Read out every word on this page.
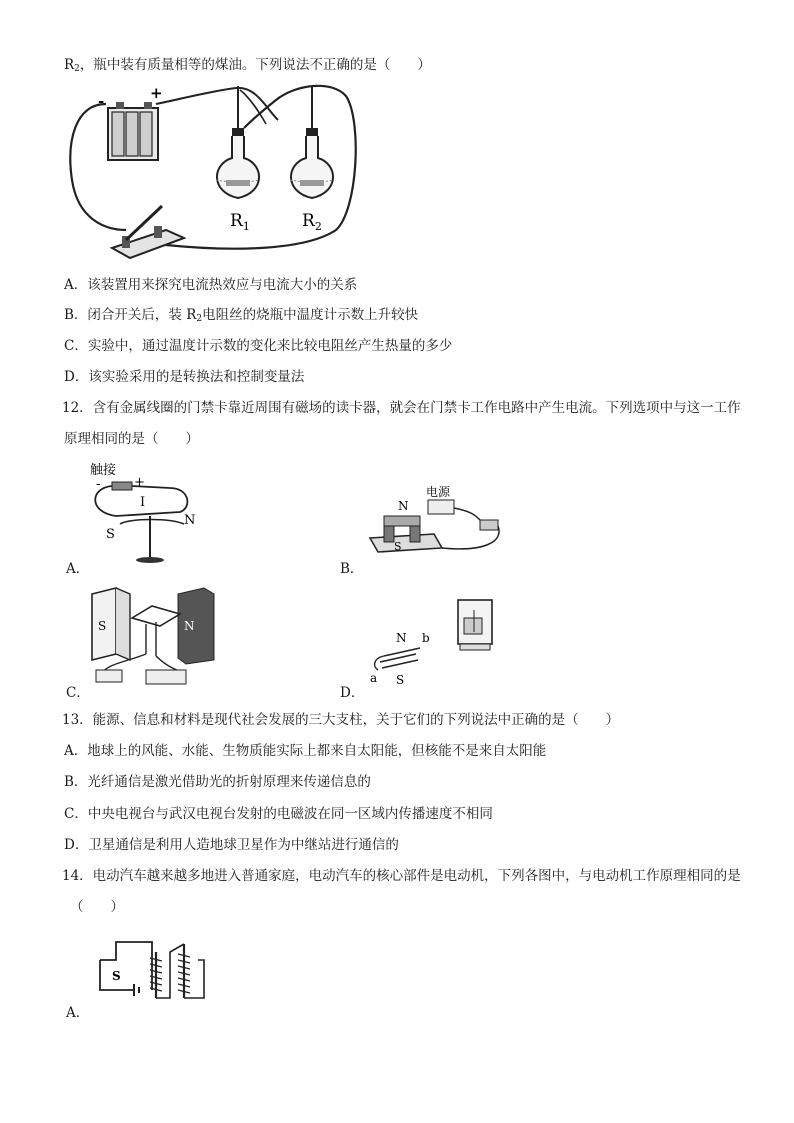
$R_2$，瓶中装有质量相等的煤油。下列说法不正确的是（　　）
-	+
$R_1$	$R_2$
A．该装置用来探究电流热效应与电流大小的关系
B．闭合开关后，装 $R_2$电阻丝的烧瓶中温度计示数上升较快
C．实验中，通过温度计示数的变化来比较电阻丝产生热量的多少
D．该实验采用的是转换法和控制变量法
12．含有金属线圈的门禁卡靠近周围有磁场的读卡器，就会在门禁卡工作电路中产生电流。下列选项中与这一工作
原理相同的是（　　）
触接
-	+
I
S
N
A．
N
电源
S
B．
S	N
C．
N b
a S
D．
13．能源、信息和材料是现代社会发展的三大支柱，关于它们的下列说法中正确的是（　　）
A．地球上的风能、水能、生物质能实际上都来自太阳能，但核能不是来自太阳能
B．光纤通信是激光借助光的折射原理来传递信息的
C．中央电视台与武汉电视台发射的电磁波在同一区域内传播速度不相同
D．卫星通信是利用人造地球卫星作为中继站进行通信的
14．电动汽车越来越多地进入普通家庭，电动汽车的核心部件是电动机，下列各图中，与电动机工作原理相同的是
（　　）
S
A．
